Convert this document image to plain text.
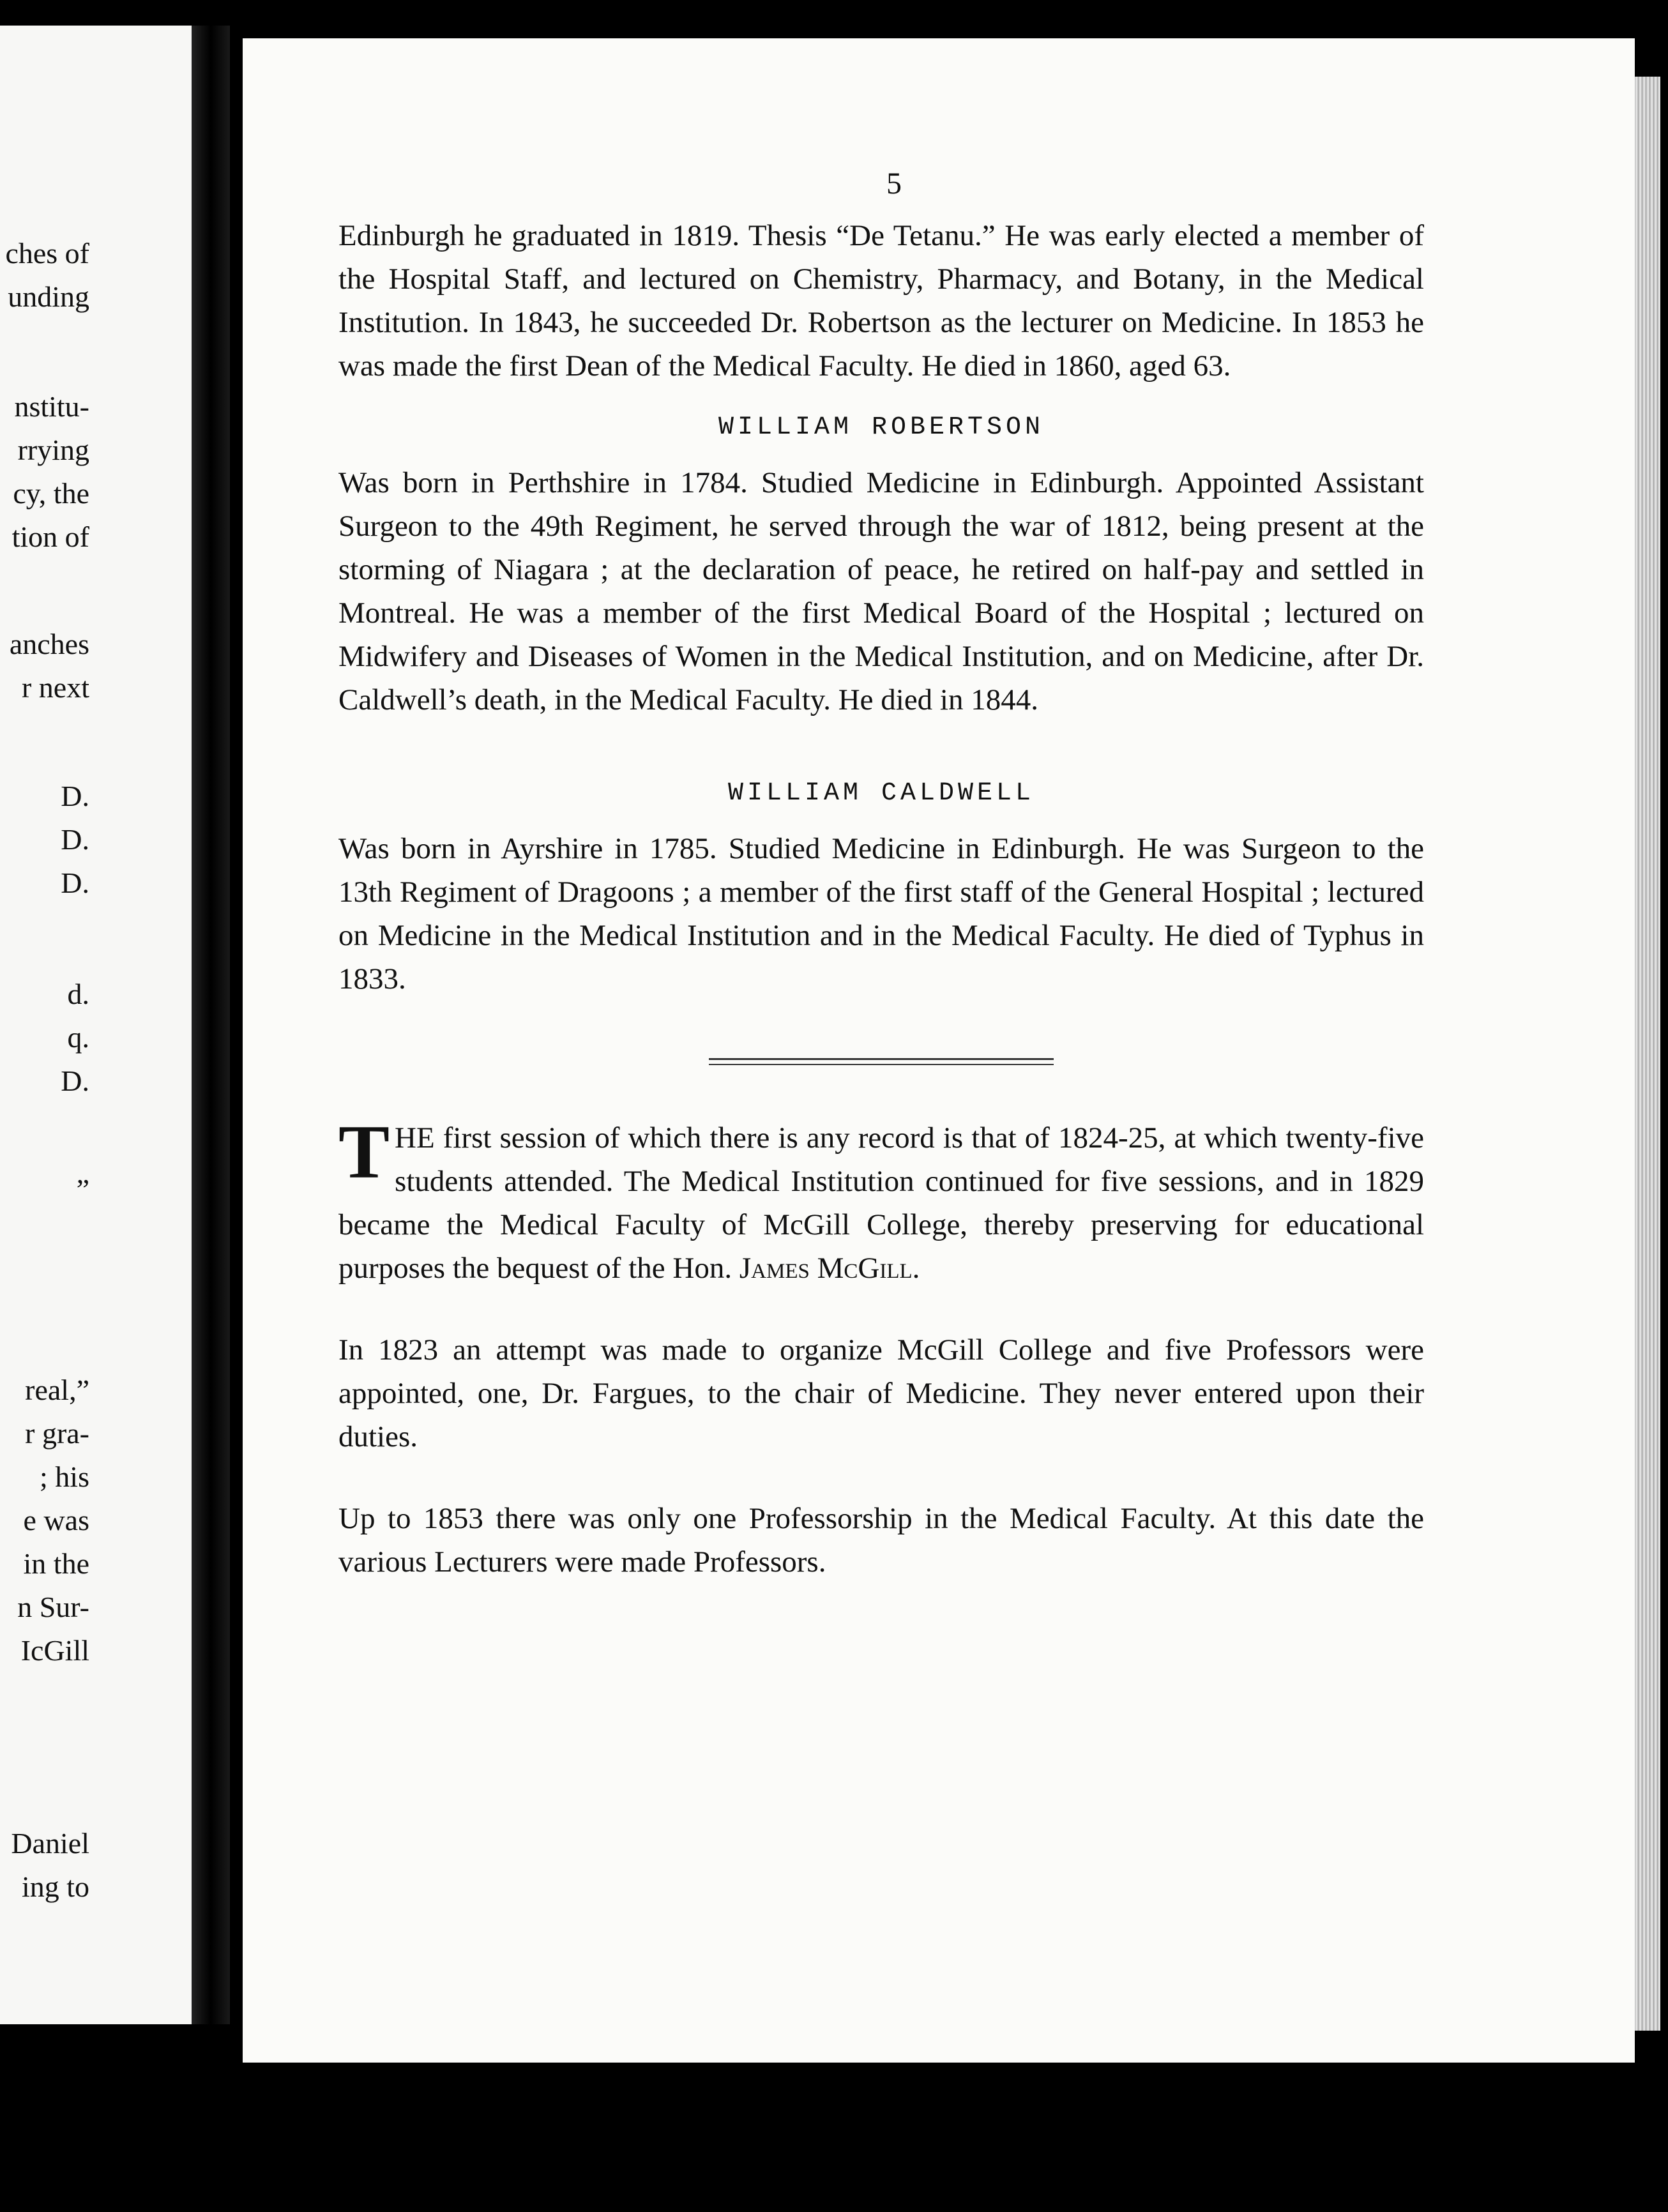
ches of
unding
nstitu-
rrying
cy, the
tion of
anches
r next
D.
D.
D.
d.
q.
D.
”
real,”
r gra-
; his
e was
in the
n Sur-
IcGill
Daniel
ing to
5

Edinburgh he graduated in 1819. Thesis “De Tetanu.” He was early elected a member of the Hospital Staff, and lectured on Chemistry, Pharmacy, and Botany, in the Medical Institution. In 1843, he succeeded Dr. Robertson as the lecturer on Medicine. In 1853 he was made the first Dean of the Medical Faculty. He died in 1860, aged 63.

WILLIAM ROBERTSON

Was born in Perthshire in 1784. Studied Medicine in Edinburgh. Appointed Assistant Surgeon to the 49th Regiment, he served through the war of 1812, being present at the storming of Niagara ; at the declaration of peace, he retired on half-pay and settled in Montreal. He was a member of the first Medical Board of the Hospital ; lectured on Midwifery and Diseases of Women in the Medical Institution, and on Medicine, after Dr. Caldwell’s death, in the Medical Faculty. He died in 1844.

WILLIAM CALDWELL

Was born in Ayrshire in 1785. Studied Medicine in Edinburgh. He was Surgeon to the 13th Regiment of Dragoons ; a member of the first staff of the General Hospital ; lectured on Medicine in the Medical Institution and in the Medical Faculty. He died of Typhus in 1833.

THE first session of which there is any record is that of 1824-25, at which twenty-five students attended. The Medical Institution continued for five sessions, and in 1829 became the Medical Faculty of McGill College, thereby preserving for educational purposes the bequest of the Hon. James McGill.

In 1823 an attempt was made to organize McGill College and five Professors were appointed, one, Dr. Fargues, to the chair of Medicine. They never entered upon their duties.

Up to 1853 there was only one Professorship in the Medical Faculty. At this date the various Lecturers were made Professors.
